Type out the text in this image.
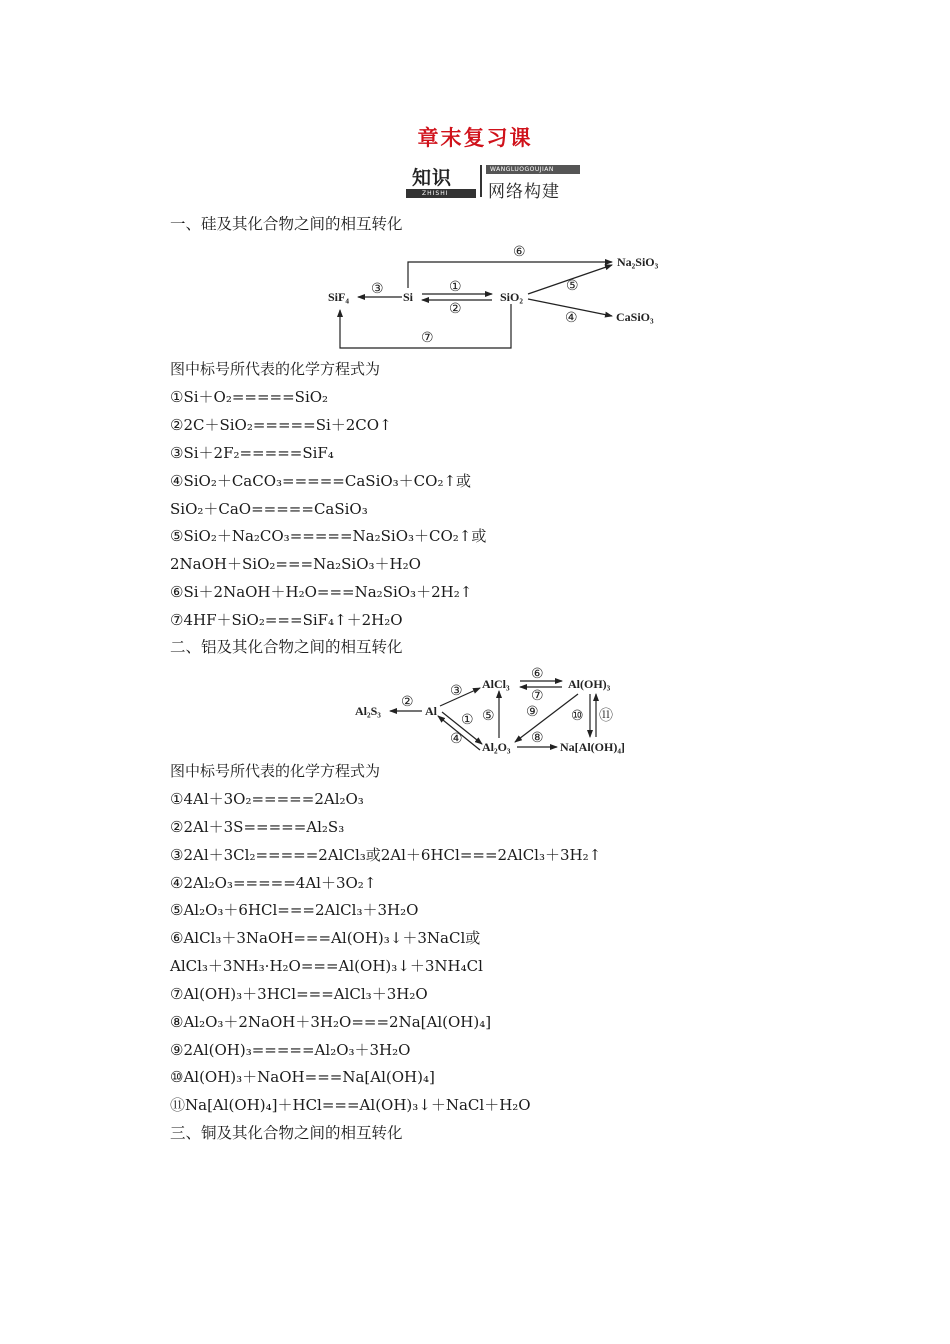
章末复习课
知识
ZHISHI
WANGLUOGOUJIAN
网络构建
一、硅及其化合物之间的相互转化
SiF₄	Si	SiO₂
Na₂SiO₃
CaSiO₃
①
②
③
④
⑤
⑥
⑦
图中标号所代表的化学方程式为
①Si＋O₂=====SiO₂
②2C＋SiO₂=====Si＋2CO↑
③Si＋2F₂=====SiF₄
④SiO₂＋CaCO₃=====CaSiO₃＋CO₂↑或
SiO₂＋CaO=====CaSiO₃
⑤SiO₂＋Na₂CO₃=====Na₂SiO₃＋CO₂↑或
2NaOH＋SiO₂===Na₂SiO₃＋H₂O
⑥Si＋2NaOH＋H₂O===Na₂SiO₃＋2H₂↑
⑦4HF＋SiO₂===SiF₄↑＋2H₂O
二、铝及其化合物之间的相互转化
Al₂S₃	Al
AlCl₃	Al(OH)₃
Al₂O₃	Na[Al(OH)₄]
①
②
③
④
⑤
⑥
⑦
⑧
⑨ ⑩ ⑪
图中标号所代表的化学方程式为
①4Al＋3O₂=====2Al₂O₃
②2Al＋3S=====Al₂S₃
③2Al＋3Cl₂=====2AlCl₃或2Al＋6HCl===2AlCl₃＋3H₂↑
④2Al₂O₃=====4Al＋3O₂↑
⑤Al₂O₃＋6HCl===2AlCl₃＋3H₂O
⑥AlCl₃＋3NaOH===Al(OH)₃↓＋3NaCl或
AlCl₃＋3NH₃·H₂O===Al(OH)₃↓＋3NH₄Cl
⑦Al(OH)₃＋3HCl===AlCl₃＋3H₂O
⑧Al₂O₃＋2NaOH＋3H₂O===2Na[Al(OH)₄]
⑨2Al(OH)₃=====Al₂O₃＋3H₂O
⑩Al(OH)₃＋NaOH===Na[Al(OH)₄]
⑪Na[Al(OH)₄]＋HCl===Al(OH)₃↓＋NaCl＋H₂O
三、铜及其化合物之间的相互转化
